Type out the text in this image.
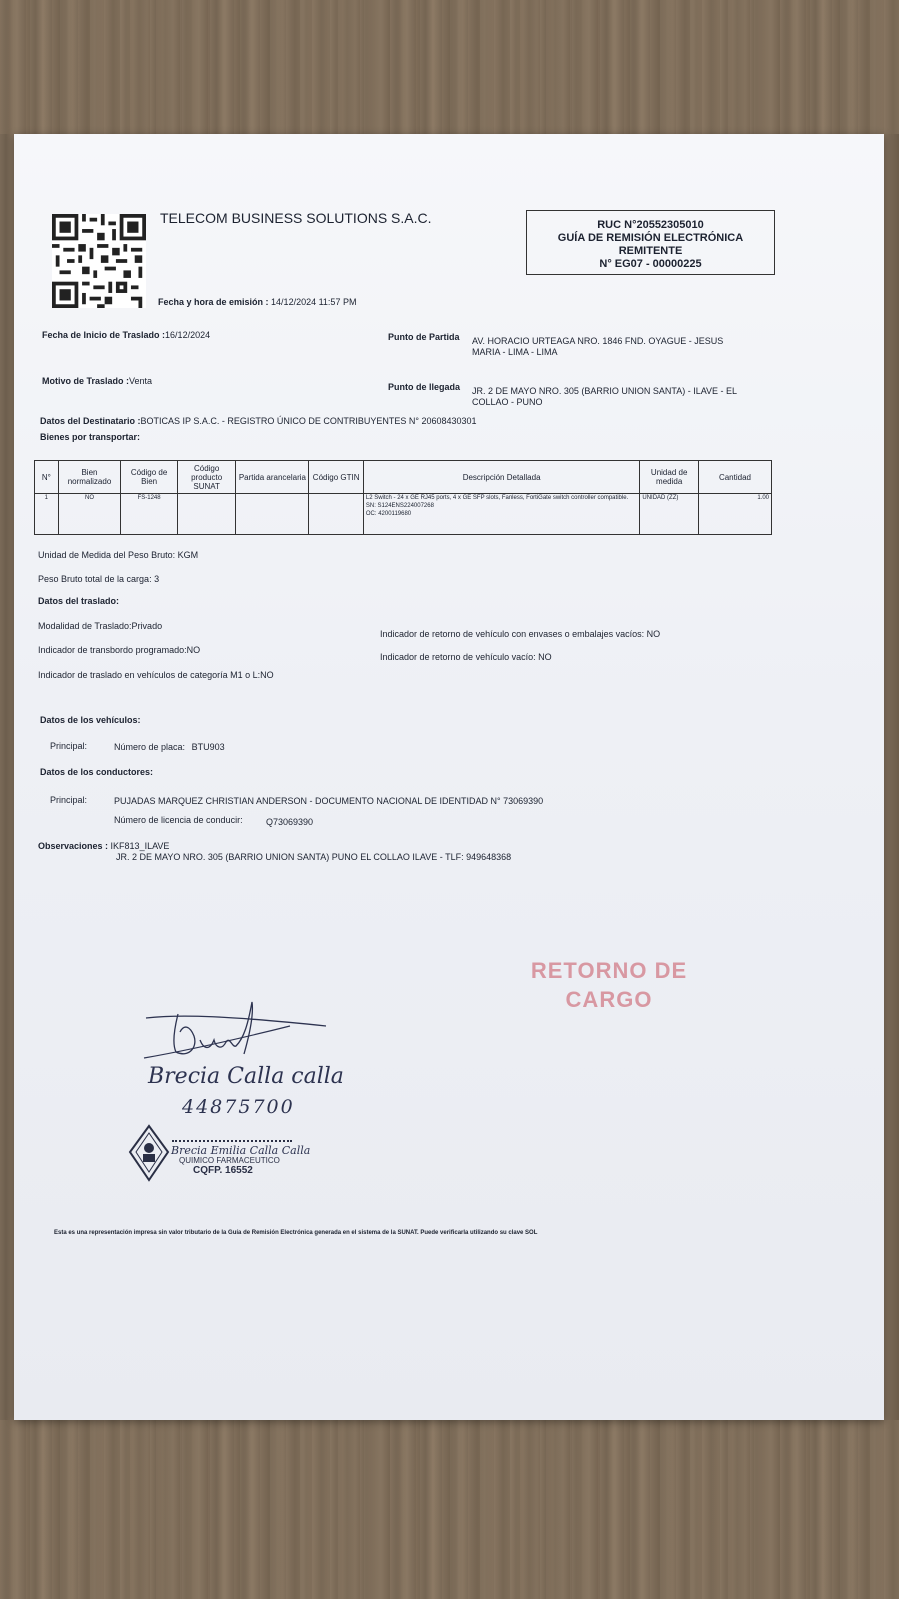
TELECOM BUSINESS SOLUTIONS S.A.C.	RUC N°20552305010
GUÍA DE REMISIÓN ELECTRÓNICA
REMITENTE
N° EG07 - 00000225
Fecha y hora de emisión : 14/12/2024 11:57 PM
Fecha de Inicio de Traslado :16/12/2024	Punto de Partida AV. HORACIO URTEAGA NRO. 1846 FND. OYAGUE - JESUS
MARIA - LIMA - LIMA
Motivo de Traslado :Venta
Punto de llegada JR. 2 DE MAYO NRO. 305 (BARRIO UNION SANTA) - ILAVE - EL
COLLAO - PUNO
Datos del Destinatario :BOTICAS IP S.A.C. - REGISTRO ÚNICO DE CONTRIBUYENTES N° 20608430301
Bienes por transportar:
N°	Bien normalizado	Código de Bien	Código producto SUNAT	Partida arancelaria	Código GTIN	Descripción Detallada	Unidad de medida	Cantidad
1	NO	FS-1248				L2 Switch - 24 x GE RJ45 ports, 4 x GE SFP slots, Fanless, FortiGate switch controller compatible.
SN: S124ENS224007268
OC: 4200119680	UNIDAD (ZZ)	1.00
Unidad de Medida del Peso Bruto: KGM
Peso Bruto total de la carga: 3
Datos del traslado:
Modalidad de Traslado:Privado
Indicador de retorno de vehículo con envases o embalajes vacíos: NO
Indicador de transbordo programado:NO
Indicador de retorno de vehículo vacío: NO
Indicador de traslado en vehículos de categoría M1 o L:NO
Datos de los vehículos:
Principal:	Número de placa: BTU903
Datos de los conductores:
Principal:	PUJADAS MARQUEZ CHRISTIAN ANDERSON - DOCUMENTO NACIONAL DE IDENTIDAD N° 73069390
Número de licencia de conducir:	Q73069390
Observaciones : IKF813_ILAVE
JR. 2 DE MAYO NRO. 305 (BARRIO UNION SANTA) PUNO EL COLLAO ILAVE - TLF: 949648368
RETORNO DE
CARGO
Brecia Calla calla
44875700
Brecia Emilia Calla Calla
QUIMICO FARMACEUTICO
CQFP. 16552
Esta es una representación impresa sin valor tributario de la Guía de Remisión Electrónica generada en el sistema de la SUNAT. Puede verificarla utilizando su clave SOL
